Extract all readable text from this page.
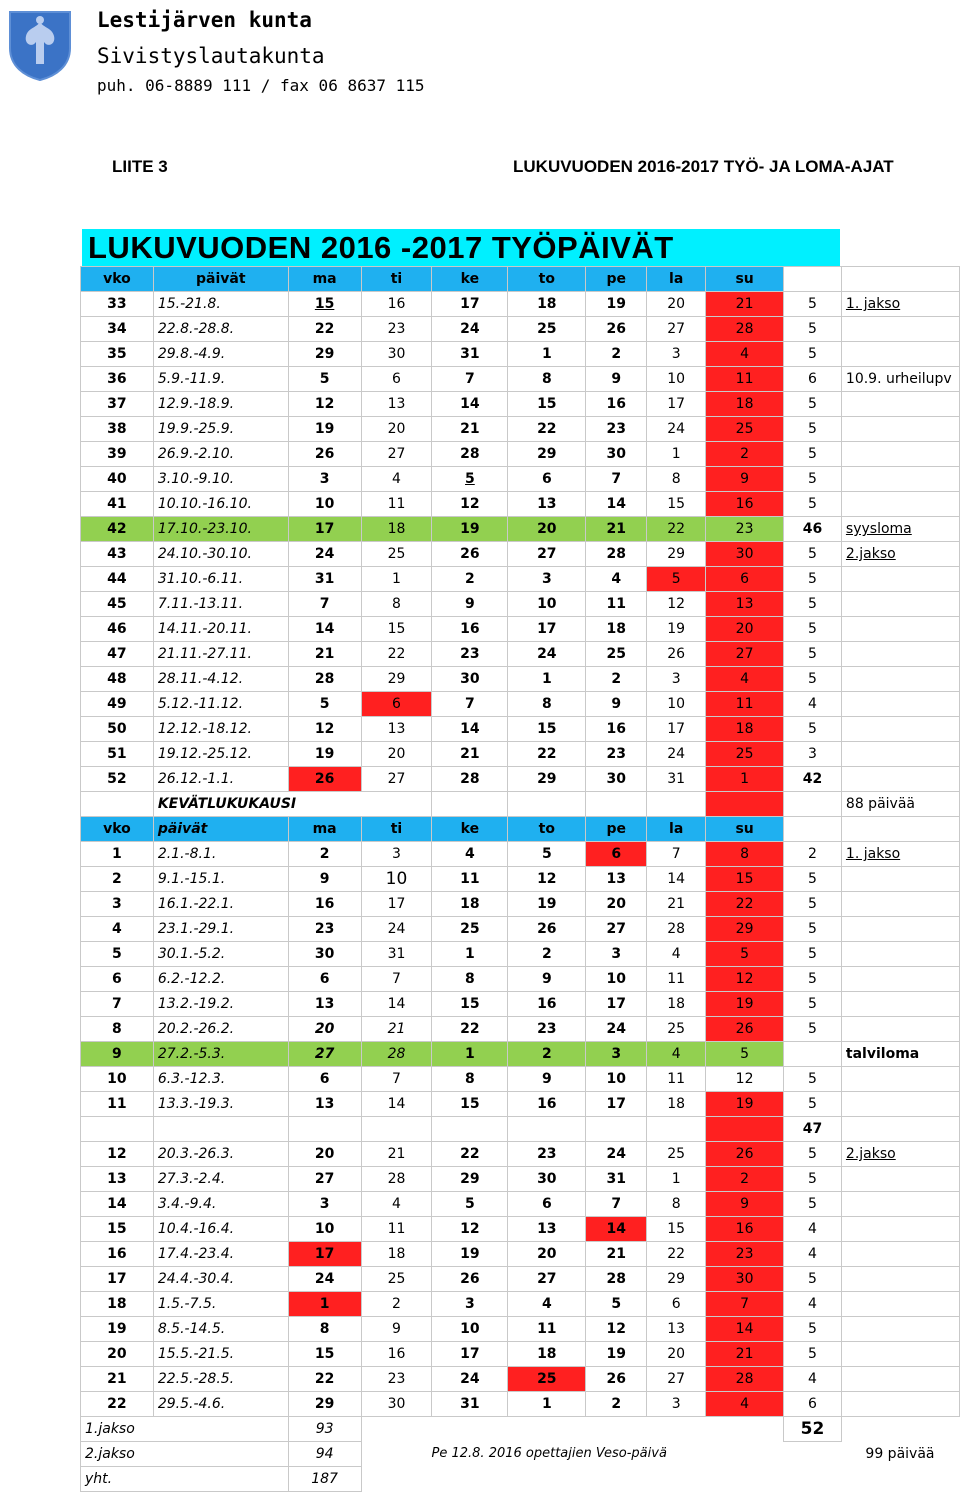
Lestijärven kunta
Sivistyslautakunta
puh. 06-8889 111 / fax 06 8637 115
LIITE 3	LUKUVUODEN 2016-2017 TYÖ- JA LOMA-AJAT
LUKUVUODEN 2016 -2017 TYÖPÄIVÄT
vko	päivät	ma	ti	ke	to	pe	la	su		
33	15.-21.8.	15	16	17	18	19	20	21	5	1. jakso
34	22.8.-28.8.	22	23	24	25	26	27	28	5	
35	29.8.-4.9.	29	30	31	1	2	3	4	5	
36	5.9.-11.9.	5	6	7	8	9	10	11	6	10.9. urheilupv
37	12.9.-18.9.	12	13	14	15	16	17	18	5	
38	19.9.-25.9.	19	20	21	22	23	24	25	5	
39	26.9.-2.10.	26	27	28	29	30	1	2	5	
40	3.10.-9.10.	3	4	5	6	7	8	9	5	
41	10.10.-16.10.	10	11	12	13	14	15	16	5	
42	17.10.-23.10.	17	18	19	20	21	22	23	46	syysloma
43	24.10.-30.10.	24	25	26	27	28	29	30	5	2.jakso
44	31.10.-6.11.	31	1	2	3	4	5	6	5	
45	7.11.-13.11.	7	8	9	10	11	12	13	5	
46	14.11.-20.11.	14	15	16	17	18	19	20	5	
47	21.11.-27.11.	21	22	23	24	25	26	27	5	
48	28.11.-4.12.	28	29	30	1	2	3	4	5	
49	5.12.-11.12.	5	6	7	8	9	10	11	4	
50	12.12.-18.12.	12	13	14	15	16	17	18	5	
51	19.12.-25.12.	19	20	21	22	23	24	25	3	
52	26.12.-1.1.	26	27	28	29	30	31	1	42	
	KEVÄTLUKUKAUSI									88 päivää
vko	päivät	ma	ti	ke	to	pe	la	su		
1	2.1.-8.1.	2	3	4	5	6	7	8	2	1. jakso
2	9.1.-15.1.	9	10	11	12	13	14	15	5	
3	16.1.-22.1.	16	17	18	19	20	21	22	5	
4	23.1.-29.1.	23	24	25	26	27	28	29	5	
5	30.1.-5.2.	30	31	1	2	3	4	5	5	
6	6.2.-12.2.	6	7	8	9	10	11	12	5	
7	13.2.-19.2.	13	14	15	16	17	18	19	5	
8	20.2.-26.2.	20	21	22	23	24	25	26	5	
9	27.2.-5.3.	27	28	1	2	3	4	5		talviloma
10	6.3.-12.3.	6	7	8	9	10	11	12	5	
11	13.3.-19.3.	13	14	15	16	17	18	19	5	
									47	
12	20.3.-26.3.	20	21	22	23	24	25	26	5	2.jakso
13	27.3.-2.4.	27	28	29	30	31	1	2	5	
14	3.4.-9.4.	3	4	5	6	7	8	9	5	
15	10.4.-16.4.	10	11	12	13	14	15	16	4	
16	17.4.-23.4.	17	18	19	20	21	22	23	4	
17	24.4.-30.4.	24	25	26	27	28	29	30	5	
18	1.5.-7.5.	1	2	3	4	5	6	7	4	
19	8.5.-14.5.	8	9	10	11	12	13	14	5	
20	15.5.-21.5.	15	16	17	18	19	20	21	5	
21	22.5.-28.5.	22	23	24	25	26	27	28	4	
22	29.5.-4.6.	29	30	31	1	2	3	4	6	
1.jakso		93							52	
2.jakso		94	Pe 12.8. 2016 opettajien Veso-päivä							99 päivää
yht.		187								
